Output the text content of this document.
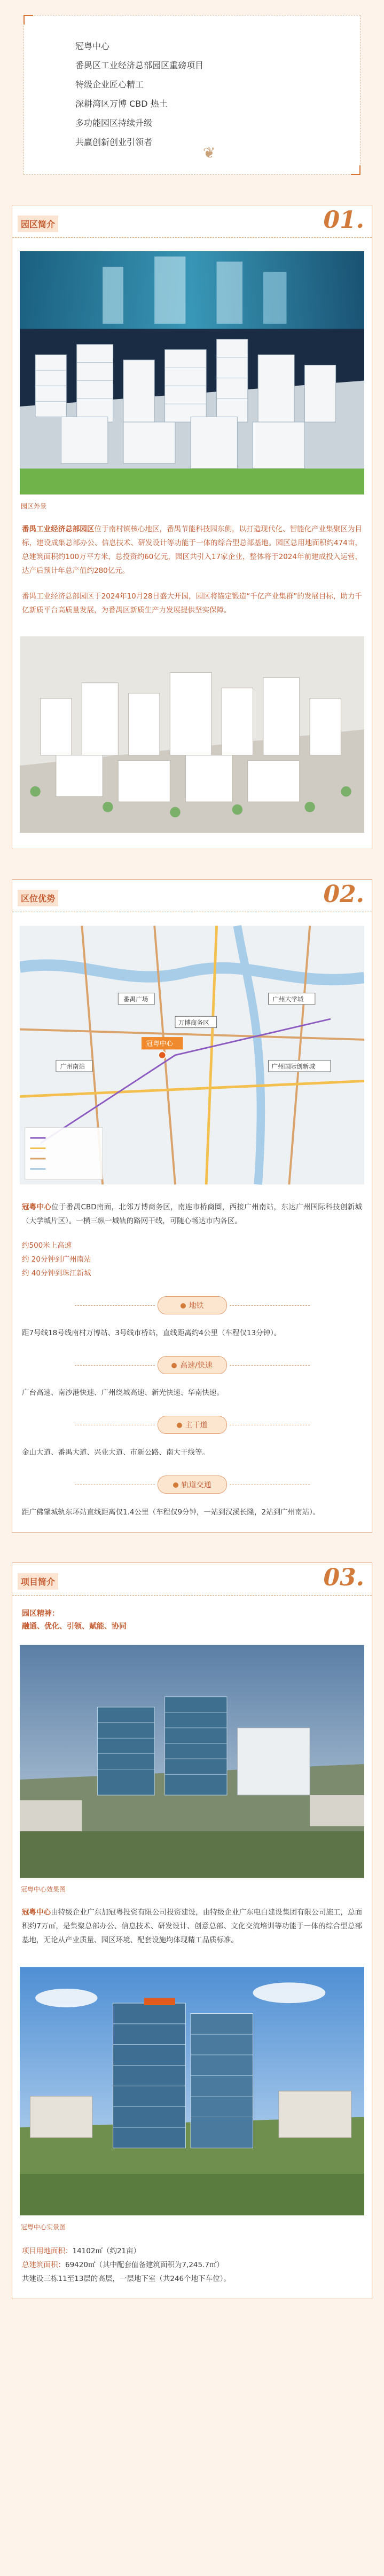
冠粤中心
番禺区工业经济总部园区重磅项目
特级企业匠心精工
深耕湾区万博 CBD 热土
多功能园区持续升级
共赢创新创业引领者
❦
园区简介	01.
园区外景

番禺工业经济总部园区位于南村镇核心地区，番禺节能科技园东侧，以打造现代化、智能化产业集聚区为目标，建设成集总部办公、信息技术、研发设计等功能于一体的综合型总部基地。园区总用地面积约474亩，总建筑面积约100万平方米，总投资约60亿元，园区共引入17家企业，整体将于2024年前建成投入运营，达产后预计年总产值约280亿元。

番禺工业经济总部园区于2024年10月28日盛大开园，园区将锚定锻造“千亿产业集群”的发展目标，助力千亿新质平台高质量发展，为番禺区新质生产力发展提供坚实保障。

区位优势	02.
番禺广场
万博商务区
广州南站
广州大学城
广州国际创新城
冠粤中心

冠粤中心位于番禺CBD南面，北邻万博商务区，南连市桥商圈，西接广州南站，东达广州国际科技创新城（大学城片区）。一横三纵一城轨的路网干线，可随心畅达市内各区。

约500米上高速
约 20分钟到广州南站
约 40分钟到珠江新城
地铁

距7号线18号线南村万博站、3号线市桥站，直线距离约4公里（车程仅13分钟）。

高速/快速

广台高速、南沙港快速、广州绕城高速、新光快速、华南快速。

主干道

金山大道、番禺大道、兴业大道、市新公路、南大干线等。

轨道交通

距广佛肇城轨东环站直线距离仅1.4公里（车程仅9分钟，一站到汉溪长隆，2站到广州南站）。

项目简介	03.
园区精神：
融通、优化、引领、赋能、协同
冠粤中心效果图

冠粤中心由特级企业广东加冠粤投资有限公司投资建设，由特级企业广东电白建设集团有限公司施工，总面积约7万㎡，是集聚总部办公、信息技术、研发设计、创意总部、文化交流培训等功能于一体的综合型总部基地，无论从产业质量、园区环境、配套设施均体现精工品质标准。

冠粤中心实景图
项目用地面积：14102㎡（约21亩）
总建筑面积：69420㎡（其中配套值备建筑面积为7,245.7㎡）
共建设三栋11至13层的高层，一层地下室（共246个地下车位）。
